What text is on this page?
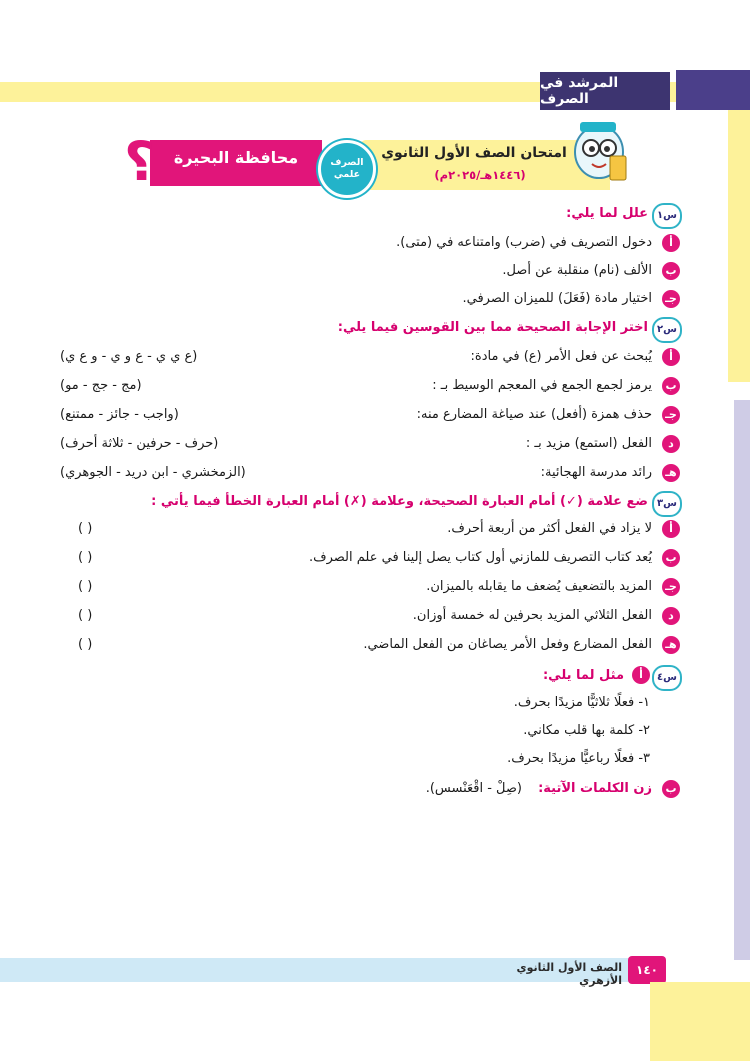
المرشد في الصرف
امتحان الصف الأول الثانوي
(١٤٤٦هـ/٢٠٢٥م)
محافظة البحيرة	الصرف
علمي
؟
س١
علل لما يلي:
أ
دخول التصريف في (ضرب) وامتناعه في (متى).
ب
الألف (نام) منقلبة عن أصل.
جـ
اختيار مادة (فَعَلَ) للميزان الصرفي.
س٢
اختر الإجابة الصحيحة مما بين القوسين فيما يلي:
أ
يُبحث عن فعل الأمر (ع) في مادة:
(ع ي ي - ع و ي - و ع ي)
ب
يرمز لجمع الجمع في المعجم الوسيط بـ :
(مج - جج - مو)
جـ
حذف همزة (أفعل) عند صياغة المضارع منه:
(واجب - جائز - ممتنع)
د
الفعل (استمع) مزيد بـ :
(حرف - حرفين - ثلاثة أحرف)
هـ
رائد مدرسة الهجائية:
(الزمخشري - ابن دريد - الجوهري)
س٣
ضع علامة (✓) أمام العبارة الصحيحة، وعلامة (✗) أمام العبارة الخطأ فيما يأتي :
أ
لا يزاد في الفعل أكثر من أربعة أحرف.
( )
ب
يُعد كتاب التصريف للمازني أول كتاب يصل إلينا في علم الصرف.
( )
جـ
المزيد بالتضعيف يُضعف ما يقابله بالميزان.
( )
د
الفعل الثلاثي المزيد بحرفين له خمسة أوزان.
( )
هـ
الفعل المضارع وفعل الأمر يصاغان من الفعل الماضي.
( )
س٤
أ
مثل لما يلي:
١- فعلًا ثلاثيًّا مزيدًا بحرف.
٢- كلمة بها قلب مكاني.
٣- فعلًا رباعيًّا مزيدًا بحرف.
ب
زن الكلمات الآتية:
(صِلْ - اقْعَنْسس).
الصف الأول الثانوي الأزهري
١٤٠
